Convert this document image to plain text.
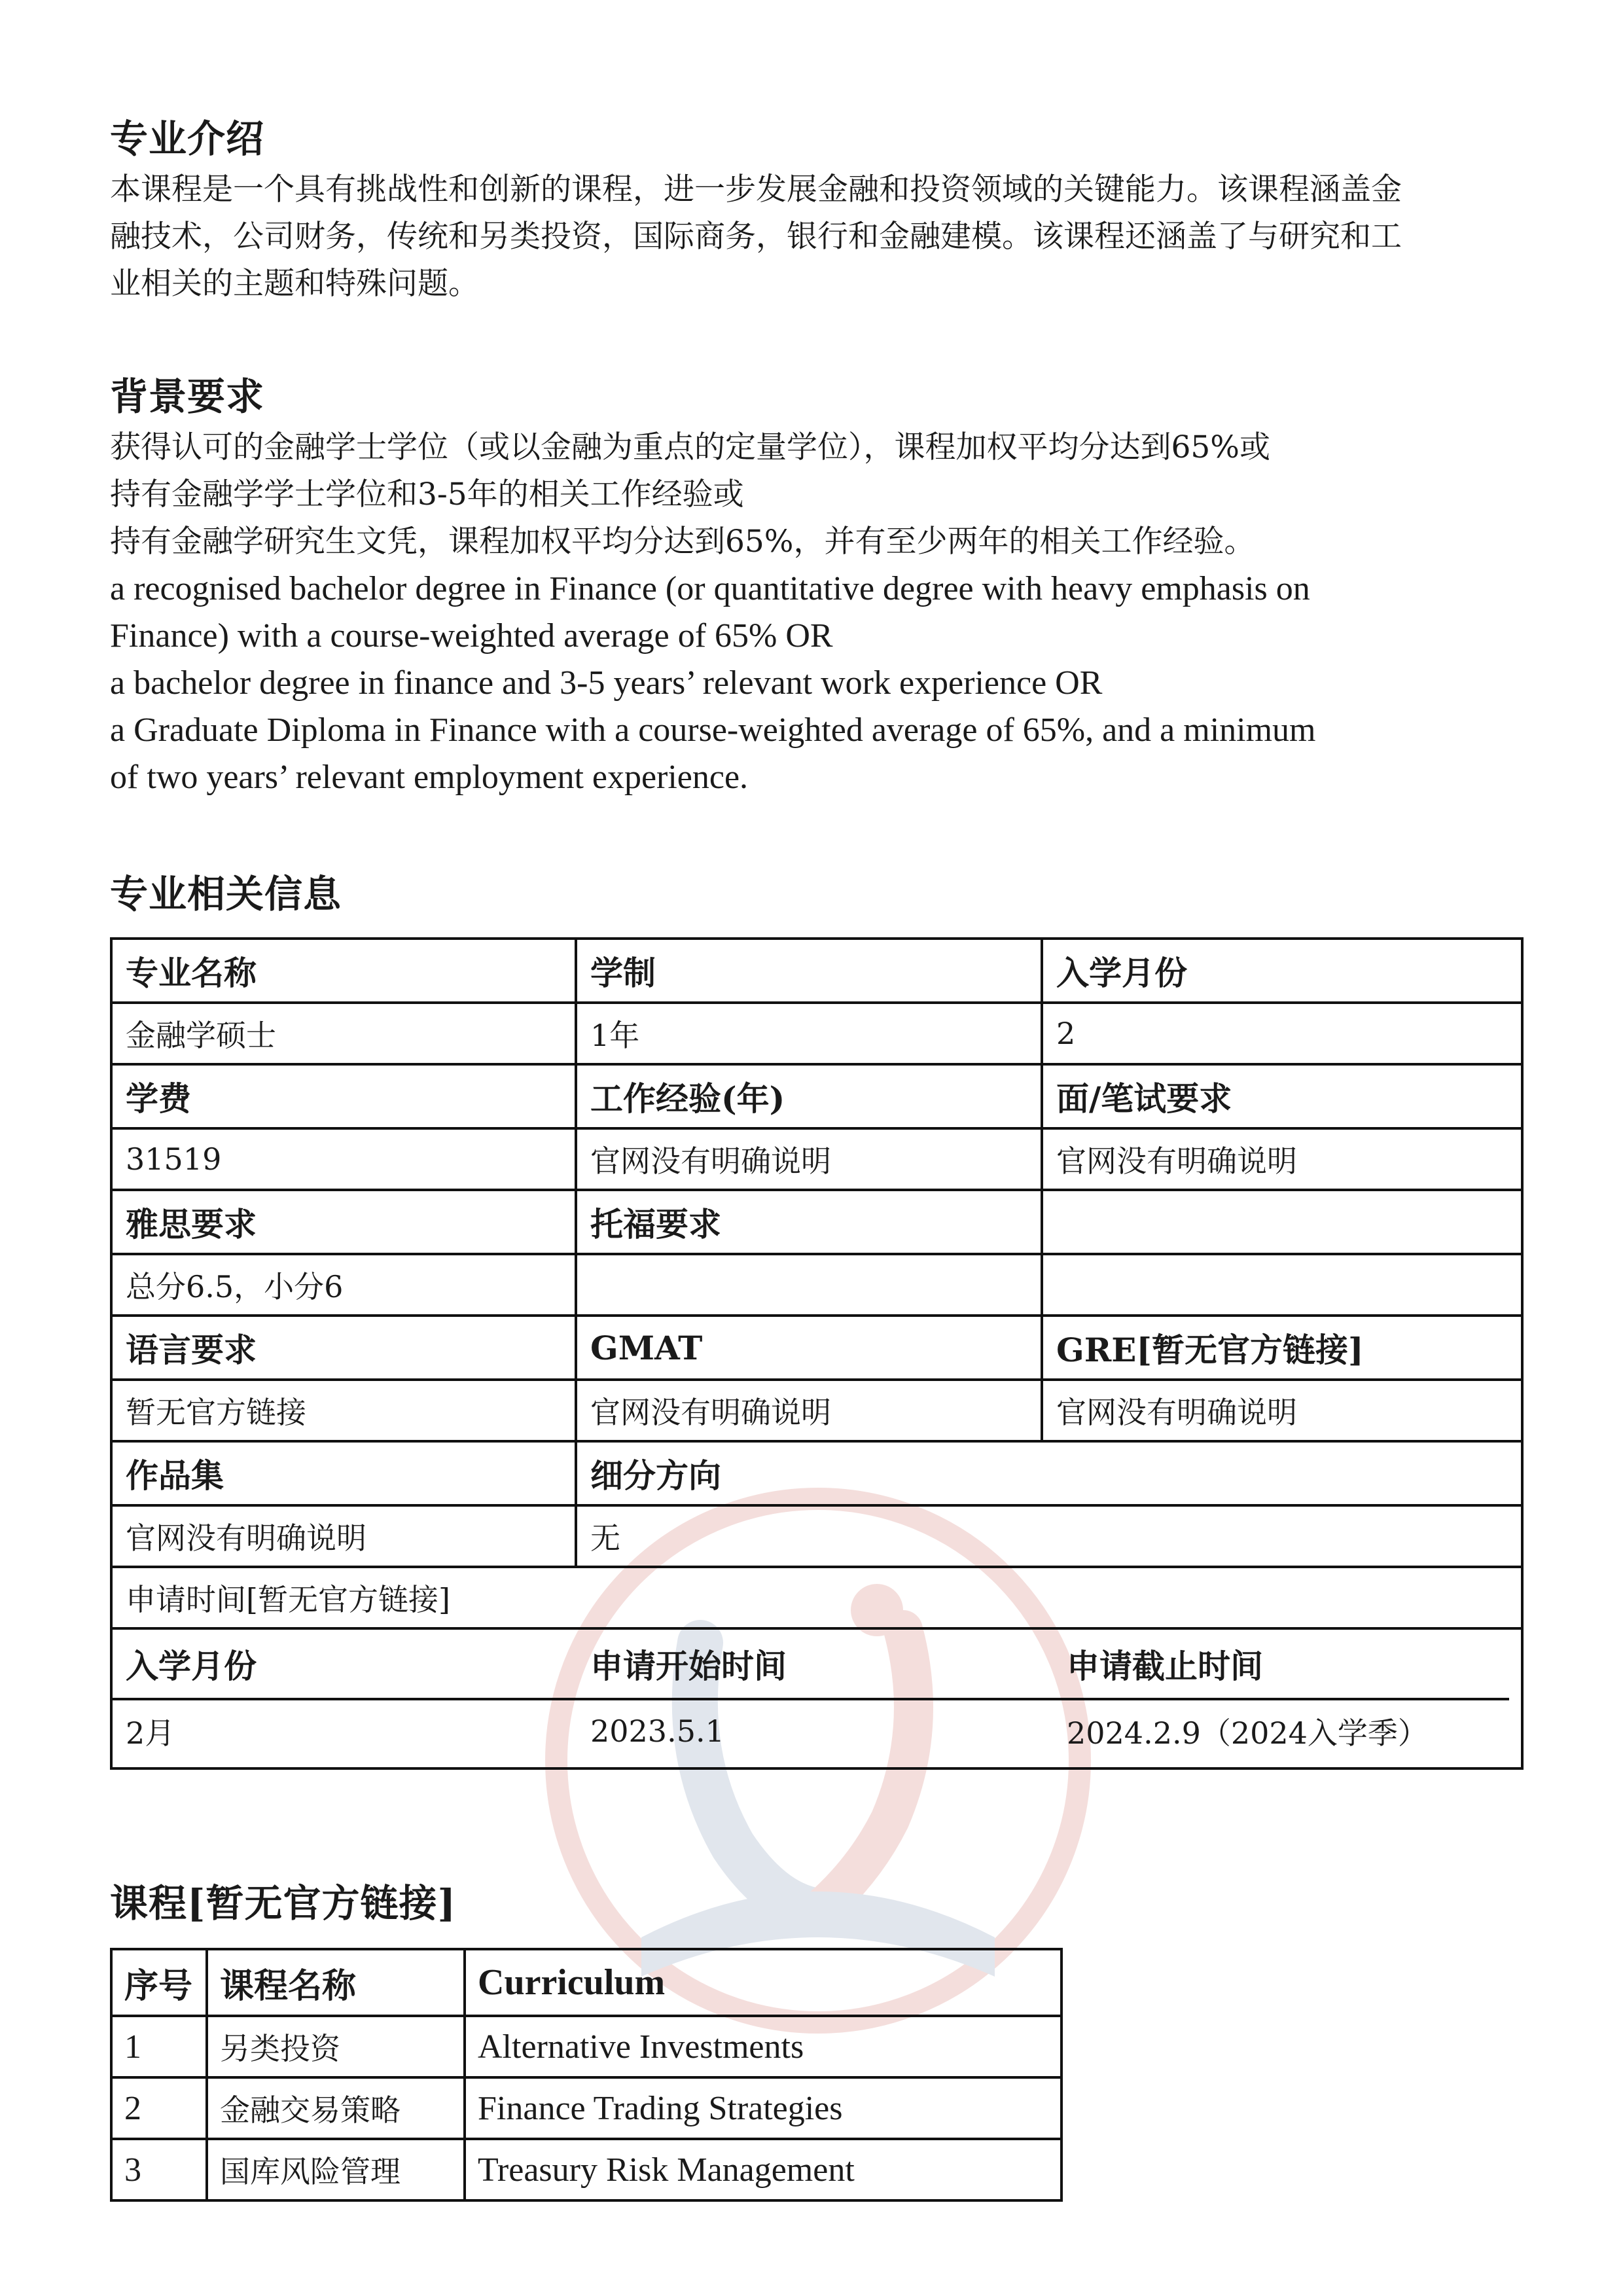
专业介绍

本课程是一个具有挑战性和创新的课程，进一步发展金融和投资领域的关键能力。该课程涵盖金

融技术，公司财务，传统和另类投资，国际商务，银行和金融建模。该课程还涵盖了与研究和工

业相关的主题和特殊问题。

背景要求

获得认可的金融学士学位（或以金融为重点的定量学位），课程加权平均分达到65%或

持有金融学学士学位和3-5年的相关工作经验或

持有金融学研究生文凭，课程加权平均分达到65%，并有至少两年的相关工作经验。

a recognised bachelor degree in Finance (or quantitative degree with heavy emphasis on

Finance) with a course-weighted average of 65% OR

a bachelor degree in finance and 3-5 years’ relevant work experience OR

a Graduate Diploma in Finance with a course-weighted average of 65%, and a minimum

of two years’ relevant employment experience.

专业相关信息
专业名称	学制	入学月份
金融学硕士	1年	2
学费	工作经验(年)	面/笔试要求
31519	官网没有明确说明	官网没有明确说明
雅思要求	托福要求
总分6.5，小分6
语言要求	GMAT	GRE[暂无官方链接]
暂无官方链接	官网没有明确说明	官网没有明确说明
作品集	细分方向
官网没有明确说明	无
申请时间[暂无官方链接]
入学月份	申请开始时间	申请截止时间
2月	2023.5.1	2024.2.9（2024入学季）
课程[暂无官方链接]
序号 课程名称	Curriculum
1	另类投资	Alternative Investments
2	金融交易策略	Finance Trading Strategies
3	国库风险管理	Treasury Risk Management
